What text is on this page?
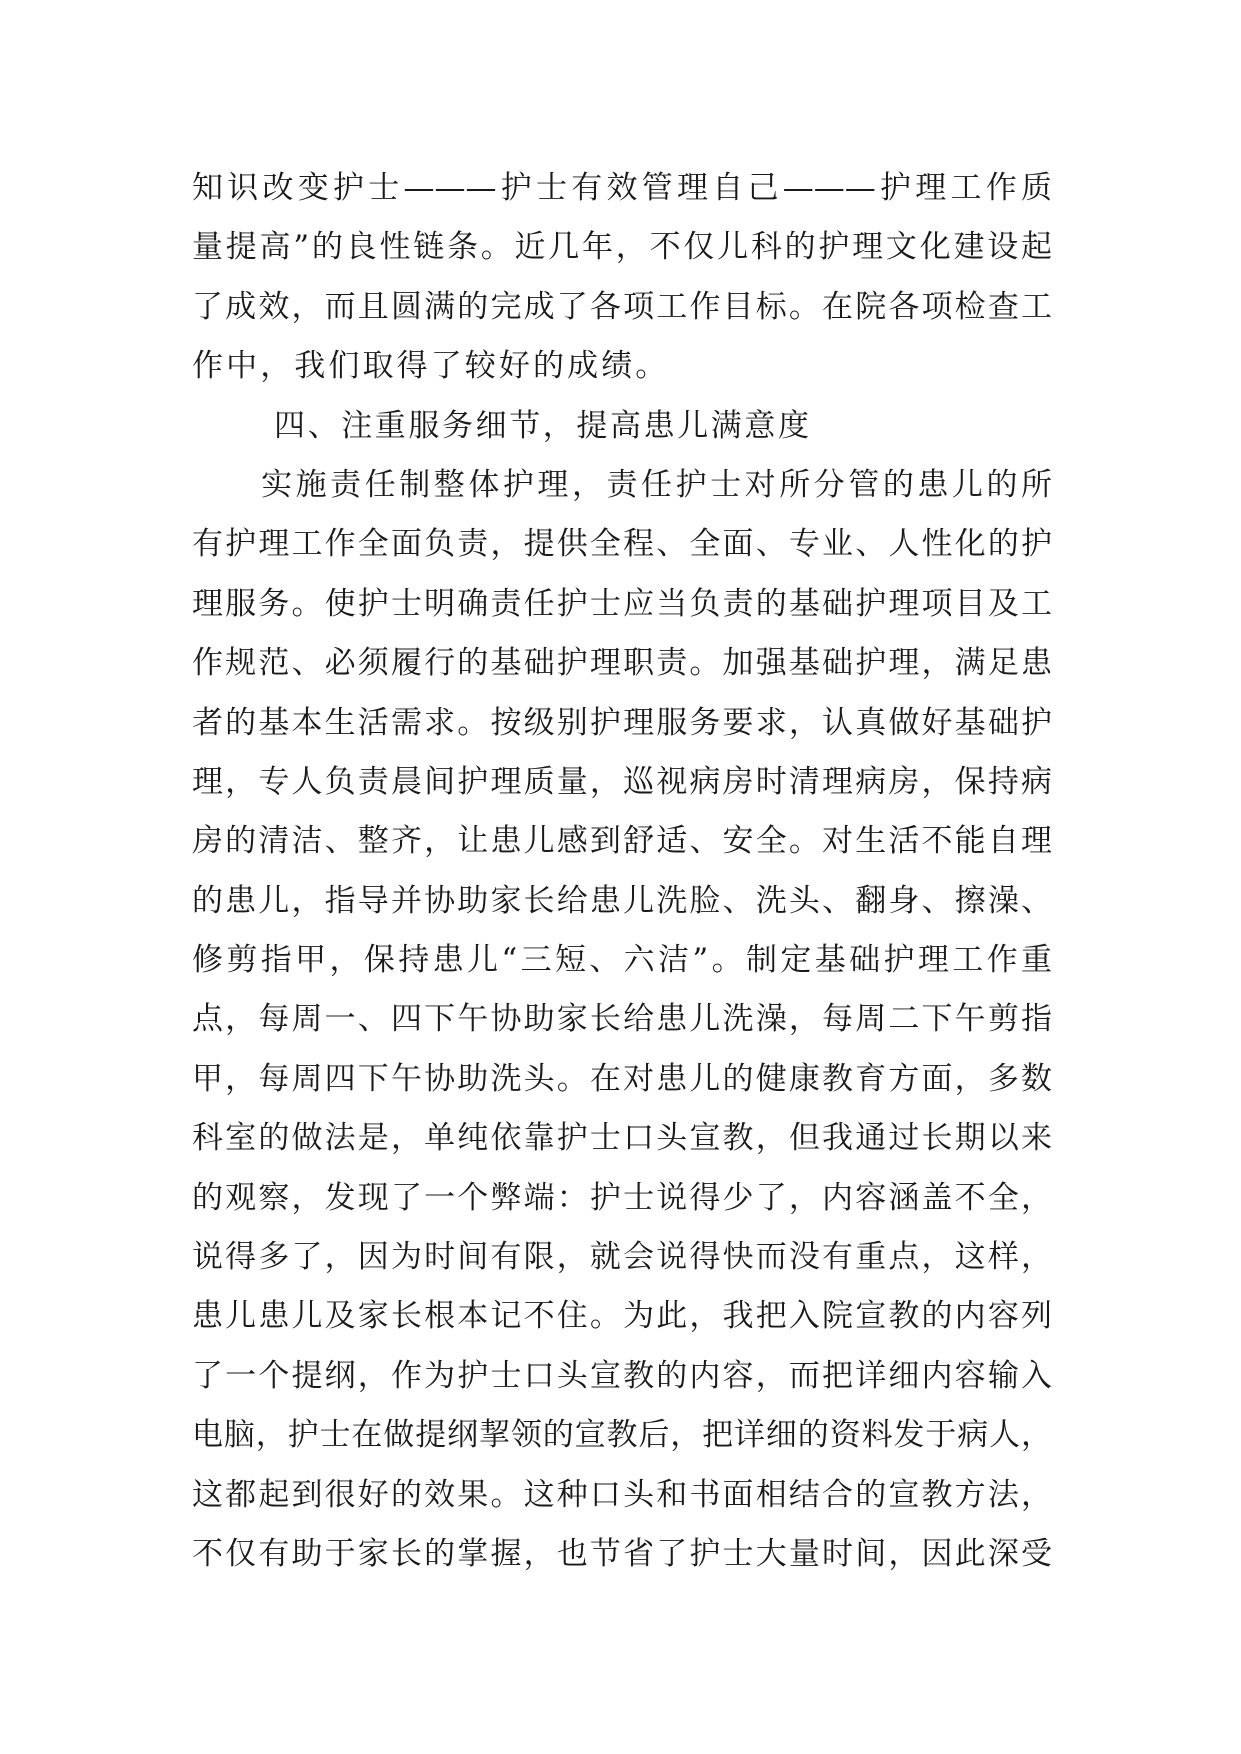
知识改变护士———护士有效管理自己———护理工作质
量提高”的良性链条。近几年，不仅儿科的护理文化建设起
了成效，而且圆满的完成了各项工作目标。在院各项检查工
作中，我们取得了较好的成绩。
四、注重服务细节，提高患儿满意度
　　实施责任制整体护理，责任护士对所分管的患儿的所
有护理工作全面负责，提供全程、全面、专业、人性化的护
理服务。使护士明确责任护士应当负责的基础护理项目及工
作规范、必须履行的基础护理职责。加强基础护理，满足患
者的基本生活需求。按级别护理服务要求，认真做好基础护
理，专人负责晨间护理质量，巡视病房时清理病房，保持病
房的清洁、整齐，让患儿感到舒适、安全。对生活不能自理
的患儿，指导并协助家长给患儿洗脸、洗头、翻身、擦澡、
修剪指甲，保持患儿“三短、六洁”。制定基础护理工作重
点，每周一、四下午协助家长给患儿洗澡，每周二下午剪指
甲，每周四下午协助洗头。在对患儿的健康教育方面，多数
科室的做法是，单纯依靠护士口头宣教，但我通过长期以来
的观察，发现了一个弊端：护士说得少了，内容涵盖不全，
说得多了，因为时间有限，就会说得快而没有重点，这样，
患儿患儿及家长根本记不住。为此，我把入院宣教的内容列
了一个提纲，作为护士口头宣教的内容，而把详细内容输入
电脑，护士在做提纲挈领的宣教后，把详细的资料发于病人，
这都起到很好的效果。这种口头和书面相结合的宣教方法，
不仅有助于家长的掌握，也节省了护士大量时间，因此深受
